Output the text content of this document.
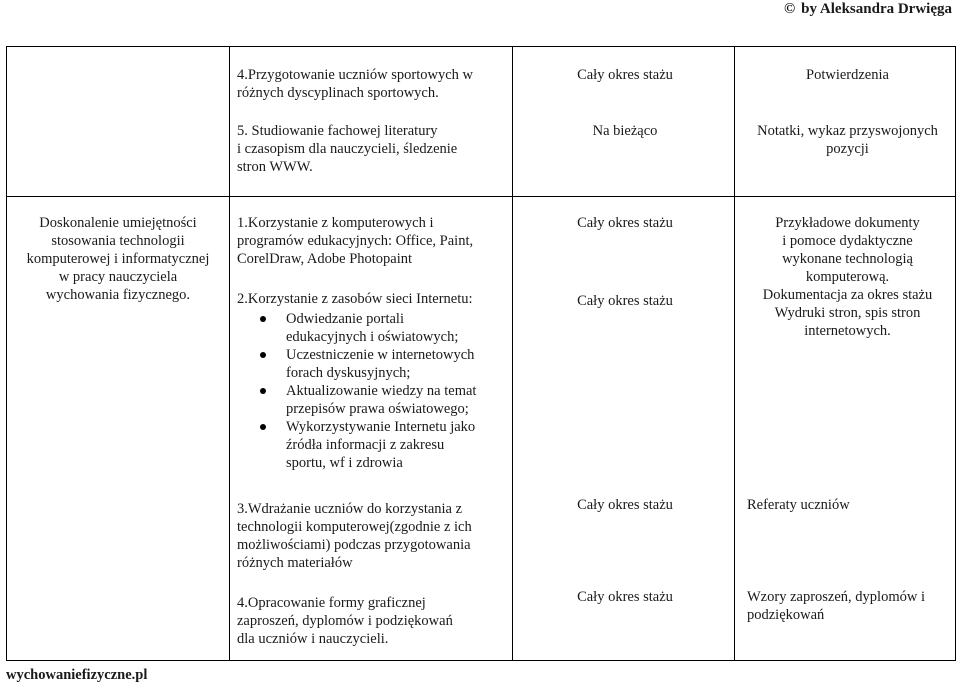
© by Aleksandra Drwięga
4.Przygotowanie uczniów sportowych w
różnych dyscyplinach sportowych.
Cały okres stażu	Potwierdzenia
5. Studiowanie fachowej literatury
i czasopism dla nauczycieli, śledzenie
stron WWW.
Na bieżąco	Notatki, wykaz przyswojonych
pozycji
Doskonalenie umiejętności
stosowania technologii
komputerowej i informatycznej
w pracy nauczyciela
wychowania fizycznego.
1.Korzystanie z komputerowych i
programów edukacyjnych: Office, Paint,
CorelDraw, Adobe Photopaint
2.Korzystanie z zasobów sieci Internetu:
Odwiedzanie portali
edukacyjnych i oświatowych;
Uczestniczenie w internetowych
forach dyskusyjnych;
Aktualizowanie wiedzy na temat
przepisów prawa oświatowego;
Wykorzystywanie Internetu jako
źródła informacji z zakresu
sportu, wf i zdrowia
3.Wdrażanie uczniów do korzystania z
technologii komputerowej(zgodnie z ich
możliwościami) podczas przygotowania
różnych materiałów
4.Opracowanie formy graficznej
zaproszeń, dyplomów i podziękowań
dla uczniów i nauczycieli.
Cały okres stażu
Cały okres stażu
Cały okres stażu
Cały okres stażu
Przykładowe dokumenty
i pomoce dydaktyczne
wykonane technologią
komputerową.
Dokumentacja za okres stażu
Wydruki stron, spis stron
internetowych.
Referaty uczniów
Wzory zaproszeń, dyplomów i
podziękowań
wychowaniefizyczne.pl
